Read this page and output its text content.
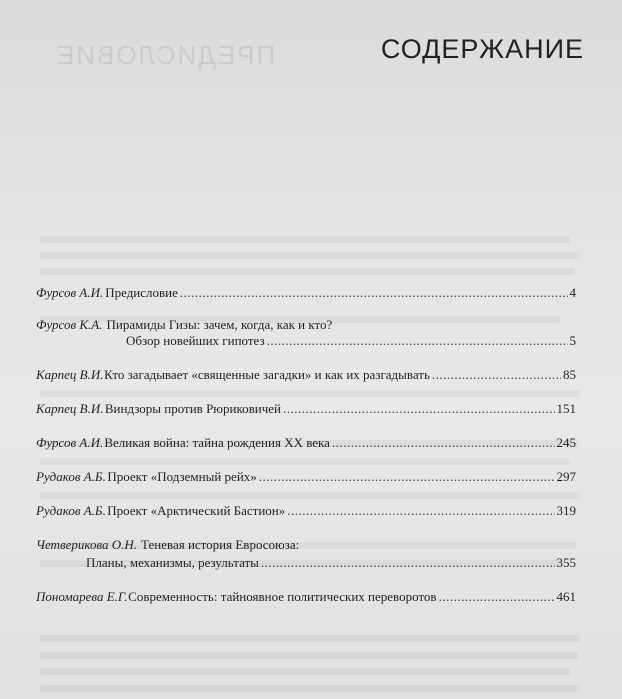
ПРЕДИСЛОВИЕ	СОДЕРЖАНИЕ
Фурсов А.И. Предисловие .....	4
Фурсов К.А. Пирамиды Гизы: зачем, когда, как и кто?
Обзор новейших гипотез .....	5
Карпец В.И. Кто загадывает «священные загадки» и как их разгадывать .....	85
Карпец В.И. Виндзоры против Рюриковичей .....	151
Фурсов А.И. Великая война: тайна рождения XX века .....	245
Рудаков А.Б. Проект «Подземный рейх» .....	297
Рудаков А.Б. Проект «Арктический Бастион» .....	319
Четверикова О.Н. Теневая история Евросоюза:
Планы, механизмы, результаты .....	355
Пономарева Е.Г. Современность: тайноявное политических переворотов .....	461
